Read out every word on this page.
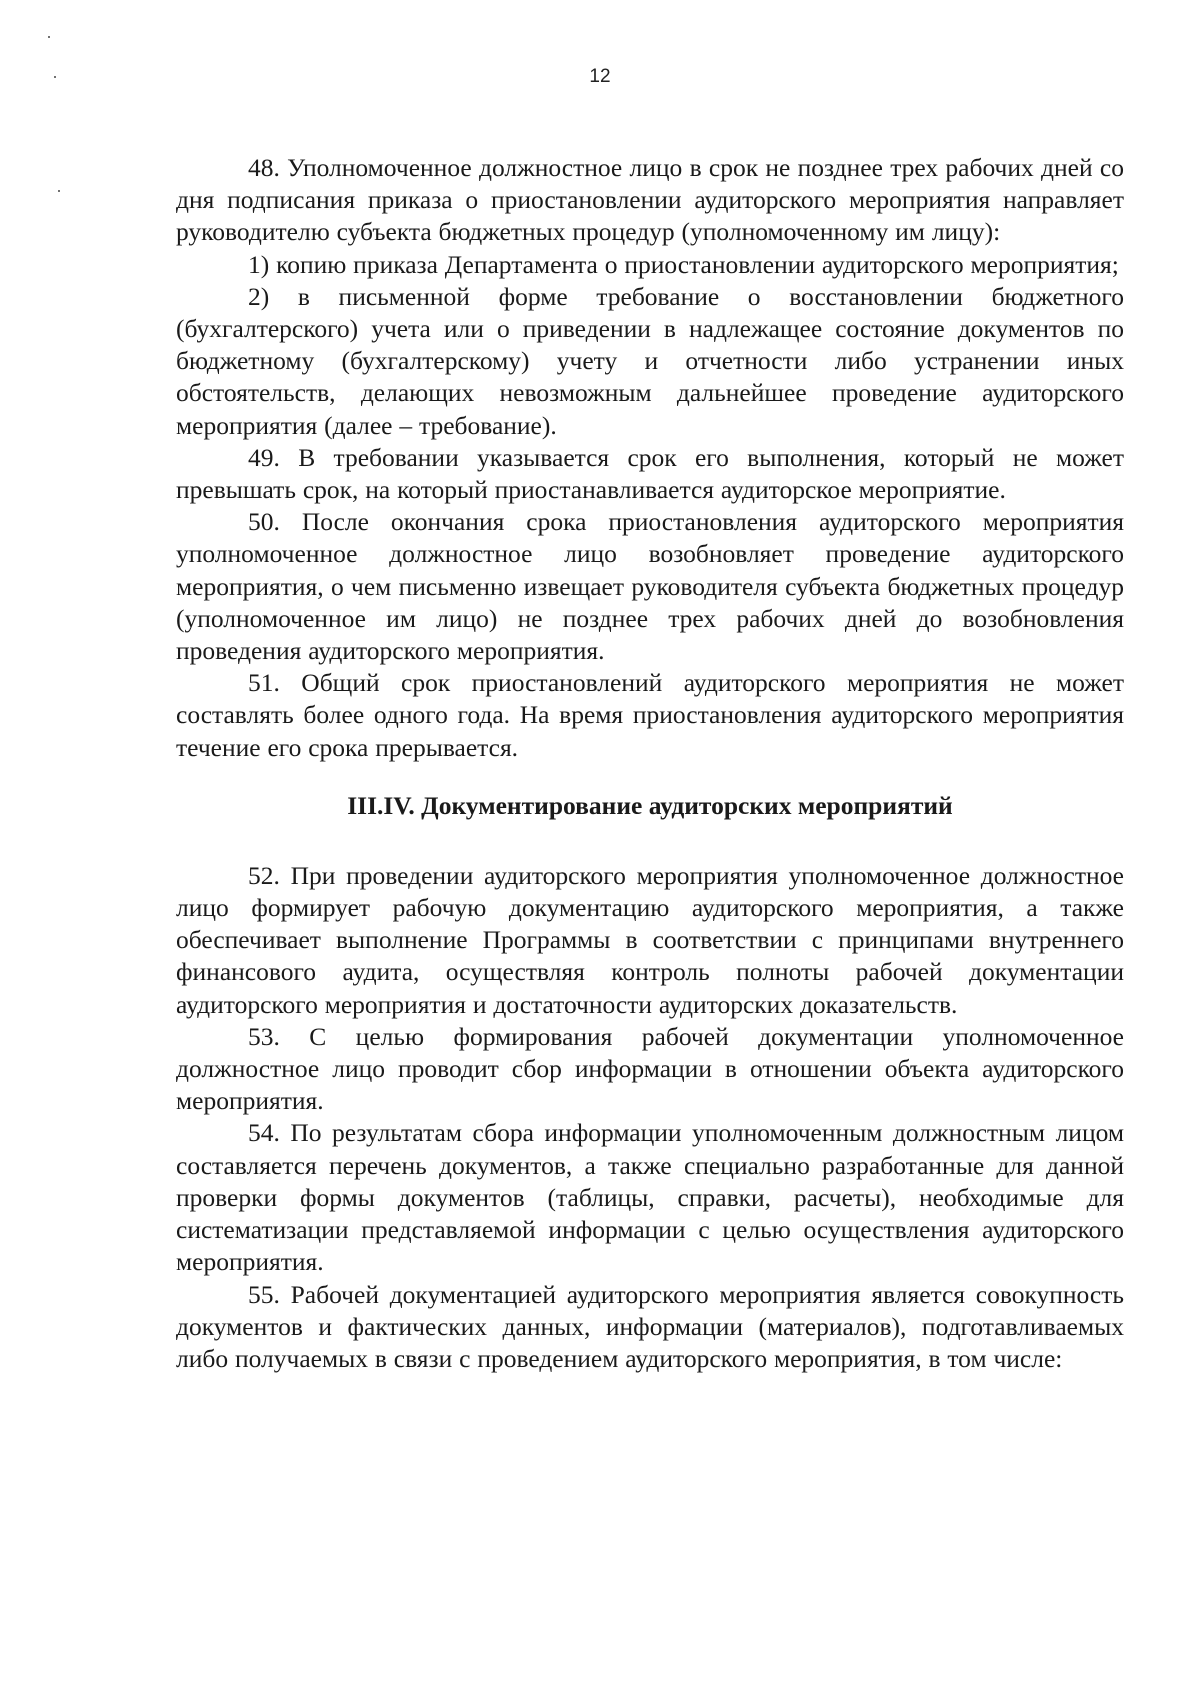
12

48. Уполномоченное должностное лицо в срок не позднее трех рабочих дней со дня подписания приказа о приостановлении аудиторского мероприятия направляет руководителю субъекта бюджетных процедур (уполномоченному им лицу):

1) копию приказа Департамента о приостановлении аудиторского мероприятия;

2) в письменной форме требование о восстановлении бюджетного (бухгалтерского) учета или о приведении в надлежащее состояние документов по бюджетному (бухгалтерскому) учету и отчетности либо устранении иных обстоятельств, делающих невозможным дальнейшее проведение аудиторского мероприятия (далее – требование).

49. В требовании указывается срок его выполнения, который не может превышать срок, на который приостанавливается аудиторское мероприятие.

50. После окончания срока приостановления аудиторского мероприятия уполномоченное должностное лицо возобновляет проведение аудиторского мероприятия, о чем письменно извещает руководителя субъекта бюджетных процедур (уполномоченное им лицо) не позднее трех рабочих дней до возобновления проведения аудиторского мероприятия.

51. Общий срок приостановлений аудиторского мероприятия не может составлять более одного года. На время приостановления аудиторского мероприятия течение его срока прерывается.

III.IV. Документирование аудиторских мероприятий

52. При проведении аудиторского мероприятия уполномоченное должностное лицо формирует рабочую документацию аудиторского мероприятия, а также обеспечивает выполнение Программы в соответствии с принципами внутреннего финансового аудита, осуществляя контроль полноты рабочей документации аудиторского мероприятия и достаточности аудиторских доказательств.

53. С целью формирования рабочей документации уполномоченное должностное лицо проводит сбор информации в отношении объекта аудиторского мероприятия.

54. По результатам сбора информации уполномоченным должностным лицом составляется перечень документов, а также специально разработанные для данной проверки формы документов (таблицы, справки, расчеты), необходимые для систематизации представляемой информации с целью осуществления аудиторского мероприятия.

55. Рабочей документацией аудиторского мероприятия является совокупность документов и фактических данных, информации (материалов), подготавливаемых либо получаемых в связи с проведением аудиторского мероприятия, в том числе:
